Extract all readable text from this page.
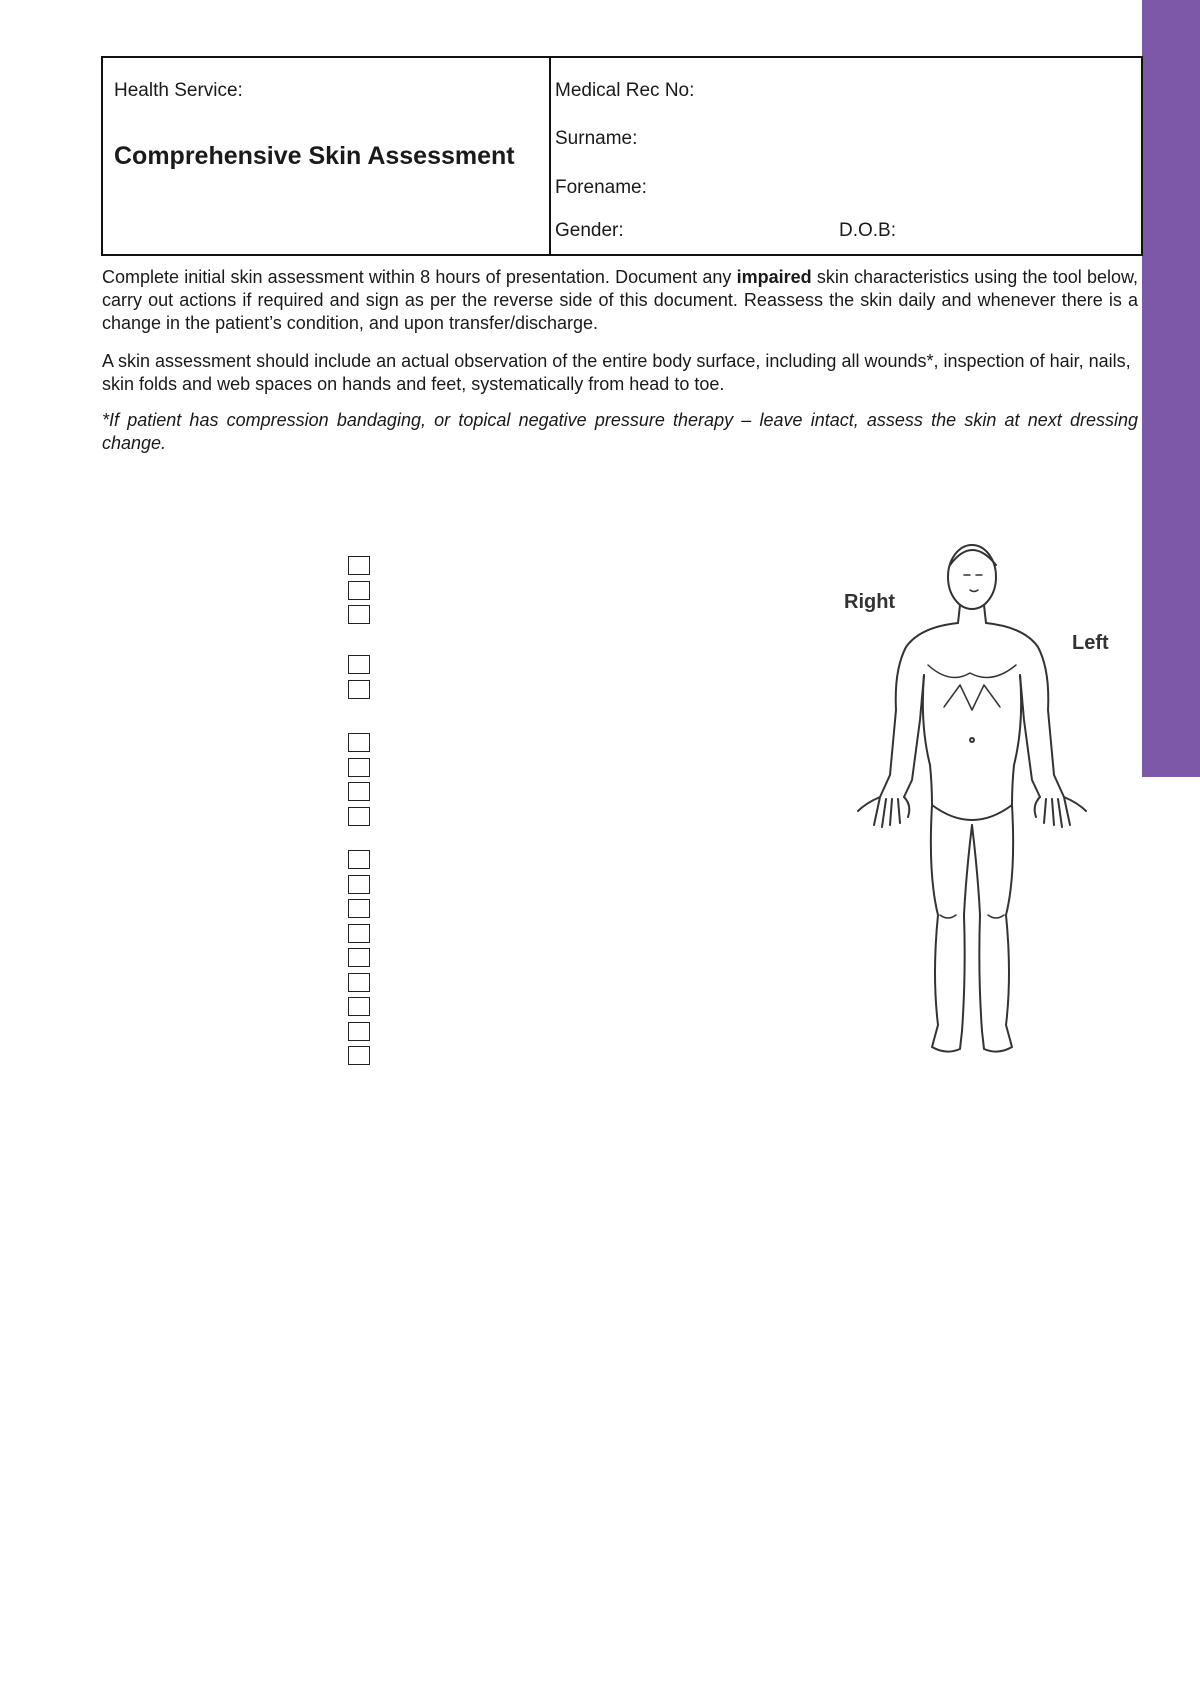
Health Service:
Comprehensive Skin Assessment
Medical Rec No:
Surname:
Forename:
Gender:	D.O.B:

Complete initial skin assessment within 8 hours of presentation. Document any impaired skin characteristics using the tool below, carry out actions if required and sign as per the reverse side of this document. Reassess the skin daily and whenever there is a change in the patient’s condition, and upon transfer/discharge.

A skin assessment should include an actual observation of the entire body surface, including all wounds*, inspection of hair, nails, skin folds and web spaces on hands and feet, systematically from head to toe.

*If patient has compression bandaging, or topical negative pressure therapy – leave intact, assess the skin at next dressing change.

Right
Left
